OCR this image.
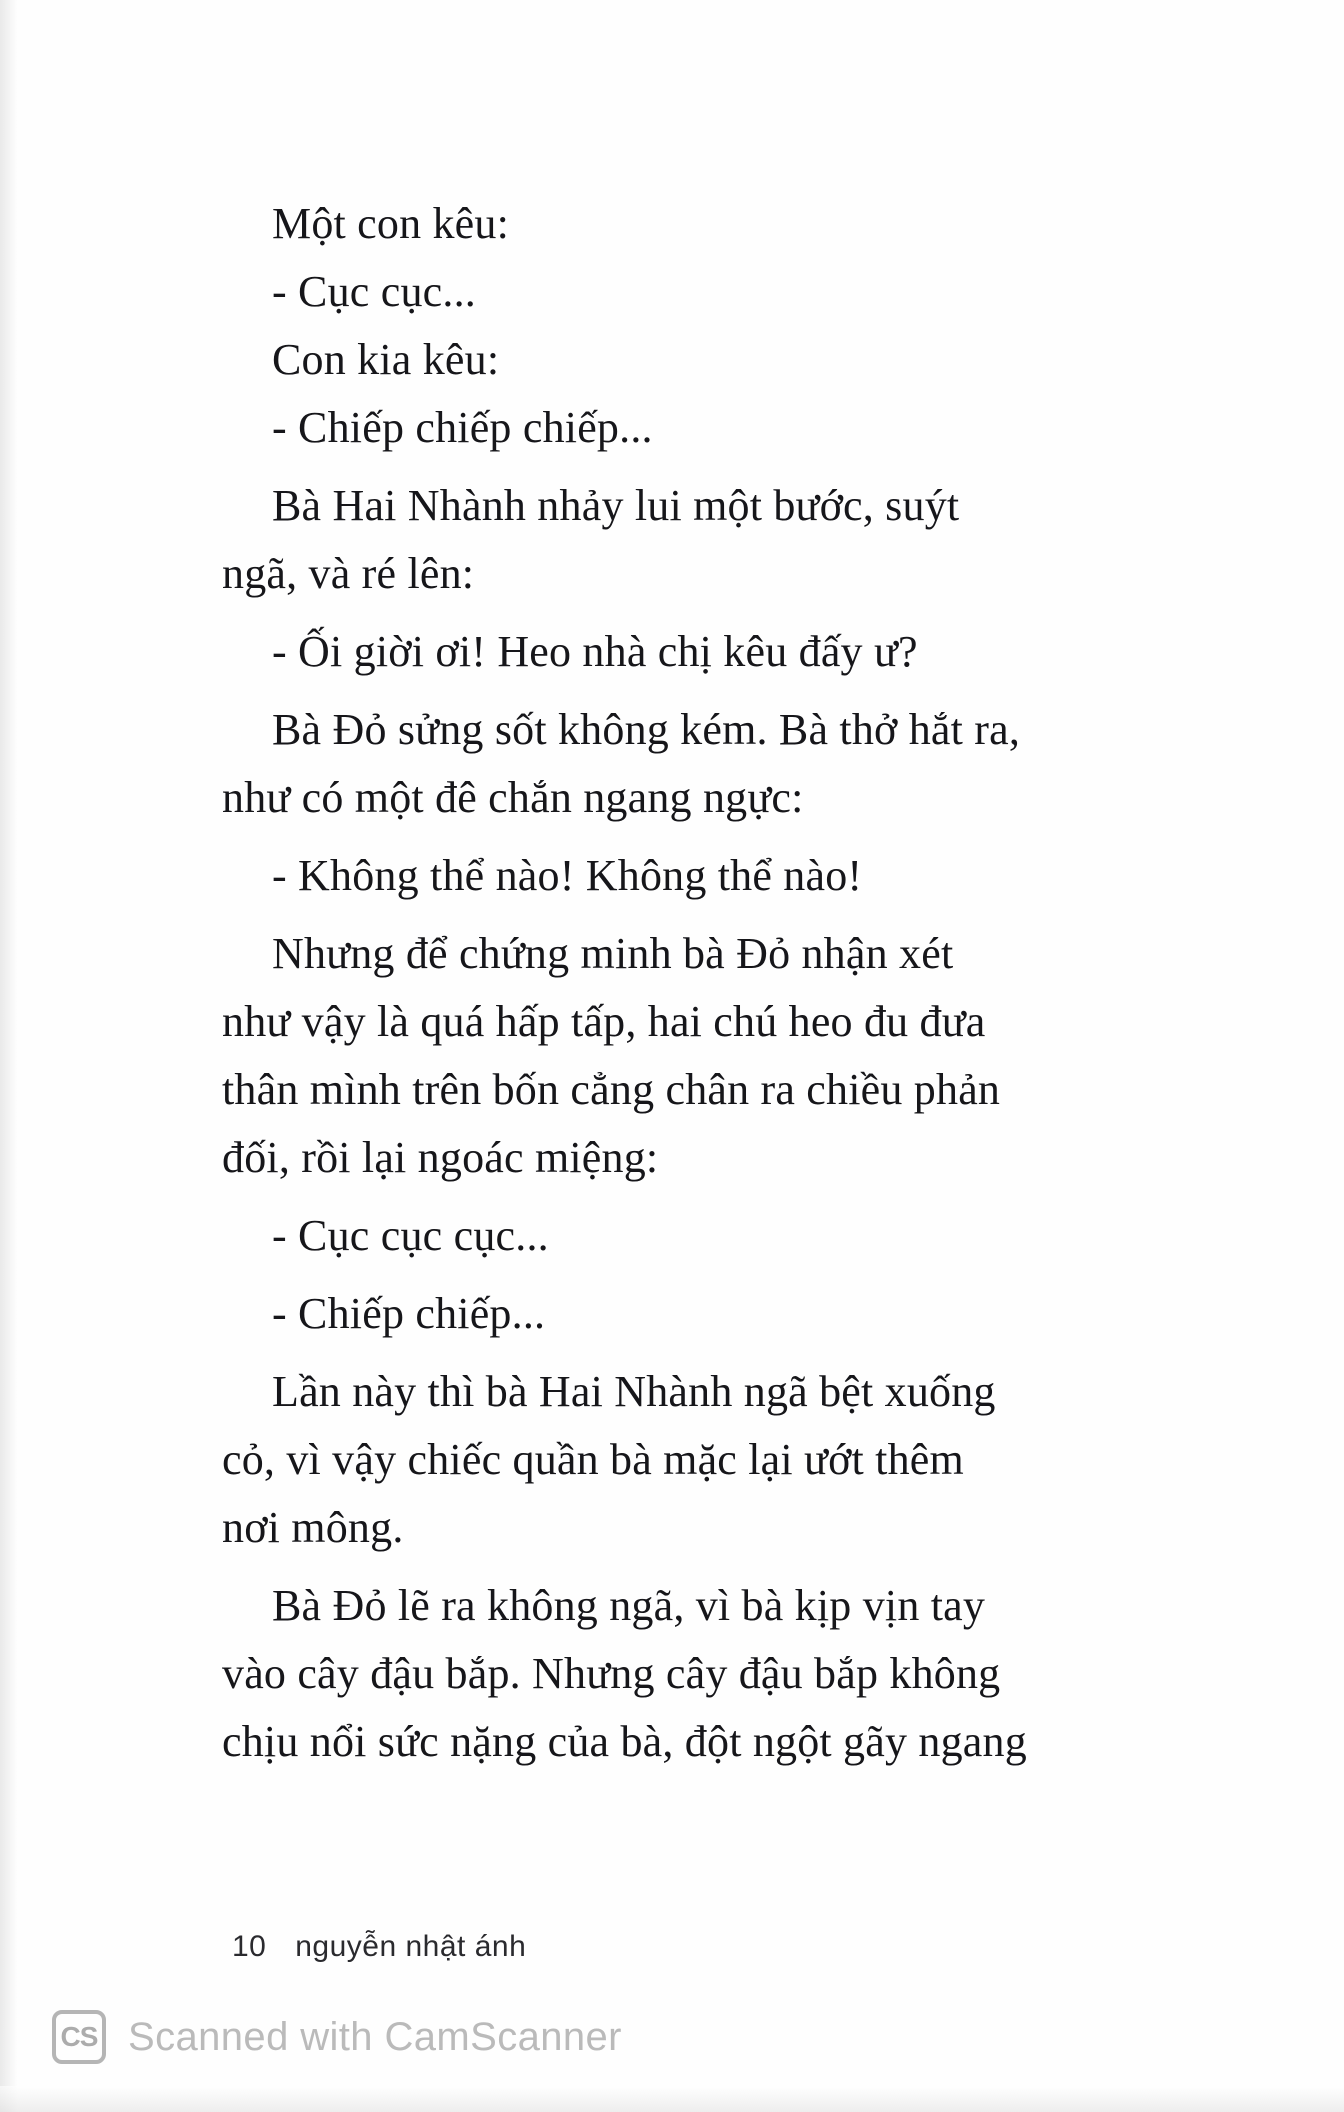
Một con kêu:
- Cục cục...
Con kia kêu:
- Chiếp chiếp chiếp...
Bà Hai Nhành nhảy lui một bước, suýt
ngã, và ré lên:
- Ối giời ơi! Heo nhà chị kêu đấy ư?
Bà Đỏ sửng sốt không kém. Bà thở hắt ra,
như có một đê chắn ngang ngực:
- Không thể nào! Không thể nào!
Nhưng để chứng minh bà Đỏ nhận xét
như vậy là quá hấp tấp, hai chú heo đu đưa
thân mình trên bốn cẳng chân ra chiều phản
đối, rồi lại ngoác miệng:
- Cục cục cục...
- Chiếp chiếp...
Lần này thì bà Hai Nhành ngã bệt xuống
cỏ, vì vậy chiếc quần bà mặc lại ướt thêm
nơi mông.
Bà Đỏ lẽ ra không ngã, vì bà kịp vịn tay
vào cây đậu bắp. Nhưng cây đậu bắp không
chịu nổi sức nặng của bà, đột ngột gãy ngang
10 nguyễn nhật ánh
CS Scanned with CamScanner
